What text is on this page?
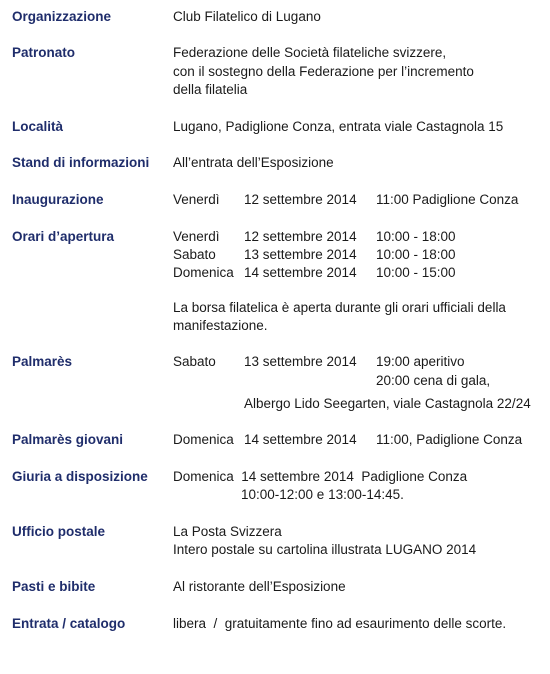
Organizzazione	Club Filatelico di Lugano
Patronato	Federazione delle Società filateliche svizzere,
con il sostegno della Federazione per l’incremento
della filatelia
Località	Lugano, Padiglione Conza, entrata viale Castagnola 15
Stand di informazioni All’entrata dell’Esposizione
Inaugurazione	Venerdì 12 settembre 2014 11:00 Padiglione Conza
Orari d’apertura	Venerdì 12 settembre 2014 10:00 - 18:00
Sabato 13 settembre 2014 10:00 - 18:00
Domenica 14 settembre 2014 10:00 - 15:00
La borsa filatelica è aperta durante gli orari ufficiali della
manifestazione.
Palmarès	Sabato 13 settembre 2014 19:00 aperitivo
20:00 cena di gala,
Albergo Lido Seegarten, viale Castagnola 22/24
Palmarès giovani	Domenica 14 settembre 2014 11:00, Padiglione Conza
Giuria a disposizione Domenica  14 settembre 2014  Padiglione Conza
10:00-12:00 e 13:00-14:45.
Ufficio postale	La Posta Svizzera
Intero postale su cartolina illustrata LUGANO 2014
Pasti e bibite	Al ristorante dell’Esposizione
Entrata / catalogo	libera  /  gratuitamente fino ad esaurimento delle scorte.
